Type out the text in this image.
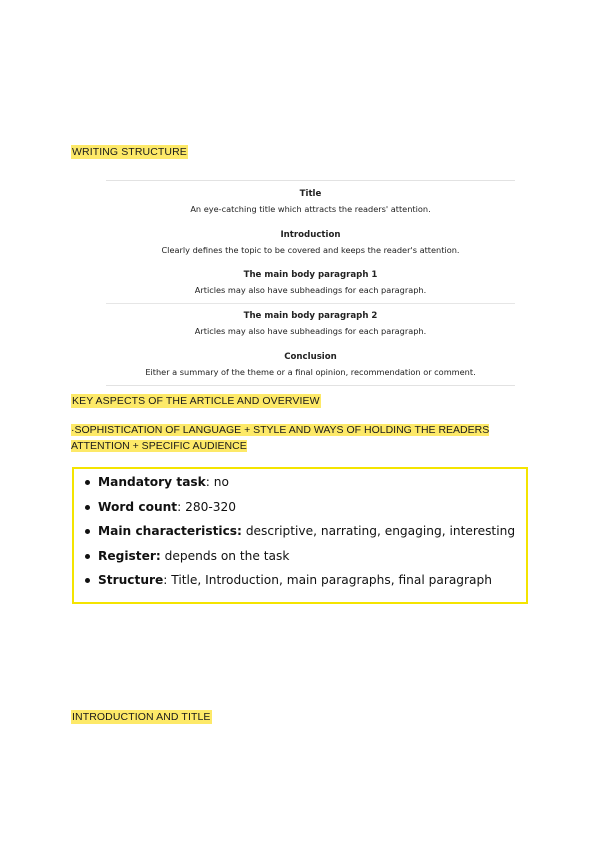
WRITING STRUCTURE
Title
An eye-catching title which attracts the readers' attention.
Introduction
Clearly defines the topic to be covered and keeps the reader's attention.
The main body paragraph 1
Articles may also have subheadings for each paragraph.
The main body paragraph 2
Articles may also have subheadings for each paragraph.
Conclusion
Either a summary of the theme or a final opinion, recommendation or comment.
KEY ASPECTS OF THE ARTICLE AND OVERVIEW
·SOPHISTICATION OF LANGUAGE + STYLE AND WAYS OF HOLDING THE READERS ATTENTION + SPECIFIC AUDIENCE
Mandatory task: no
Word count: 280-320
Main characteristics: descriptive, narrating, engaging, interesting
Register: depends on the task
Structure: Title, Introduction, main paragraphs, final paragraph
INTRODUCTION AND TITLE
